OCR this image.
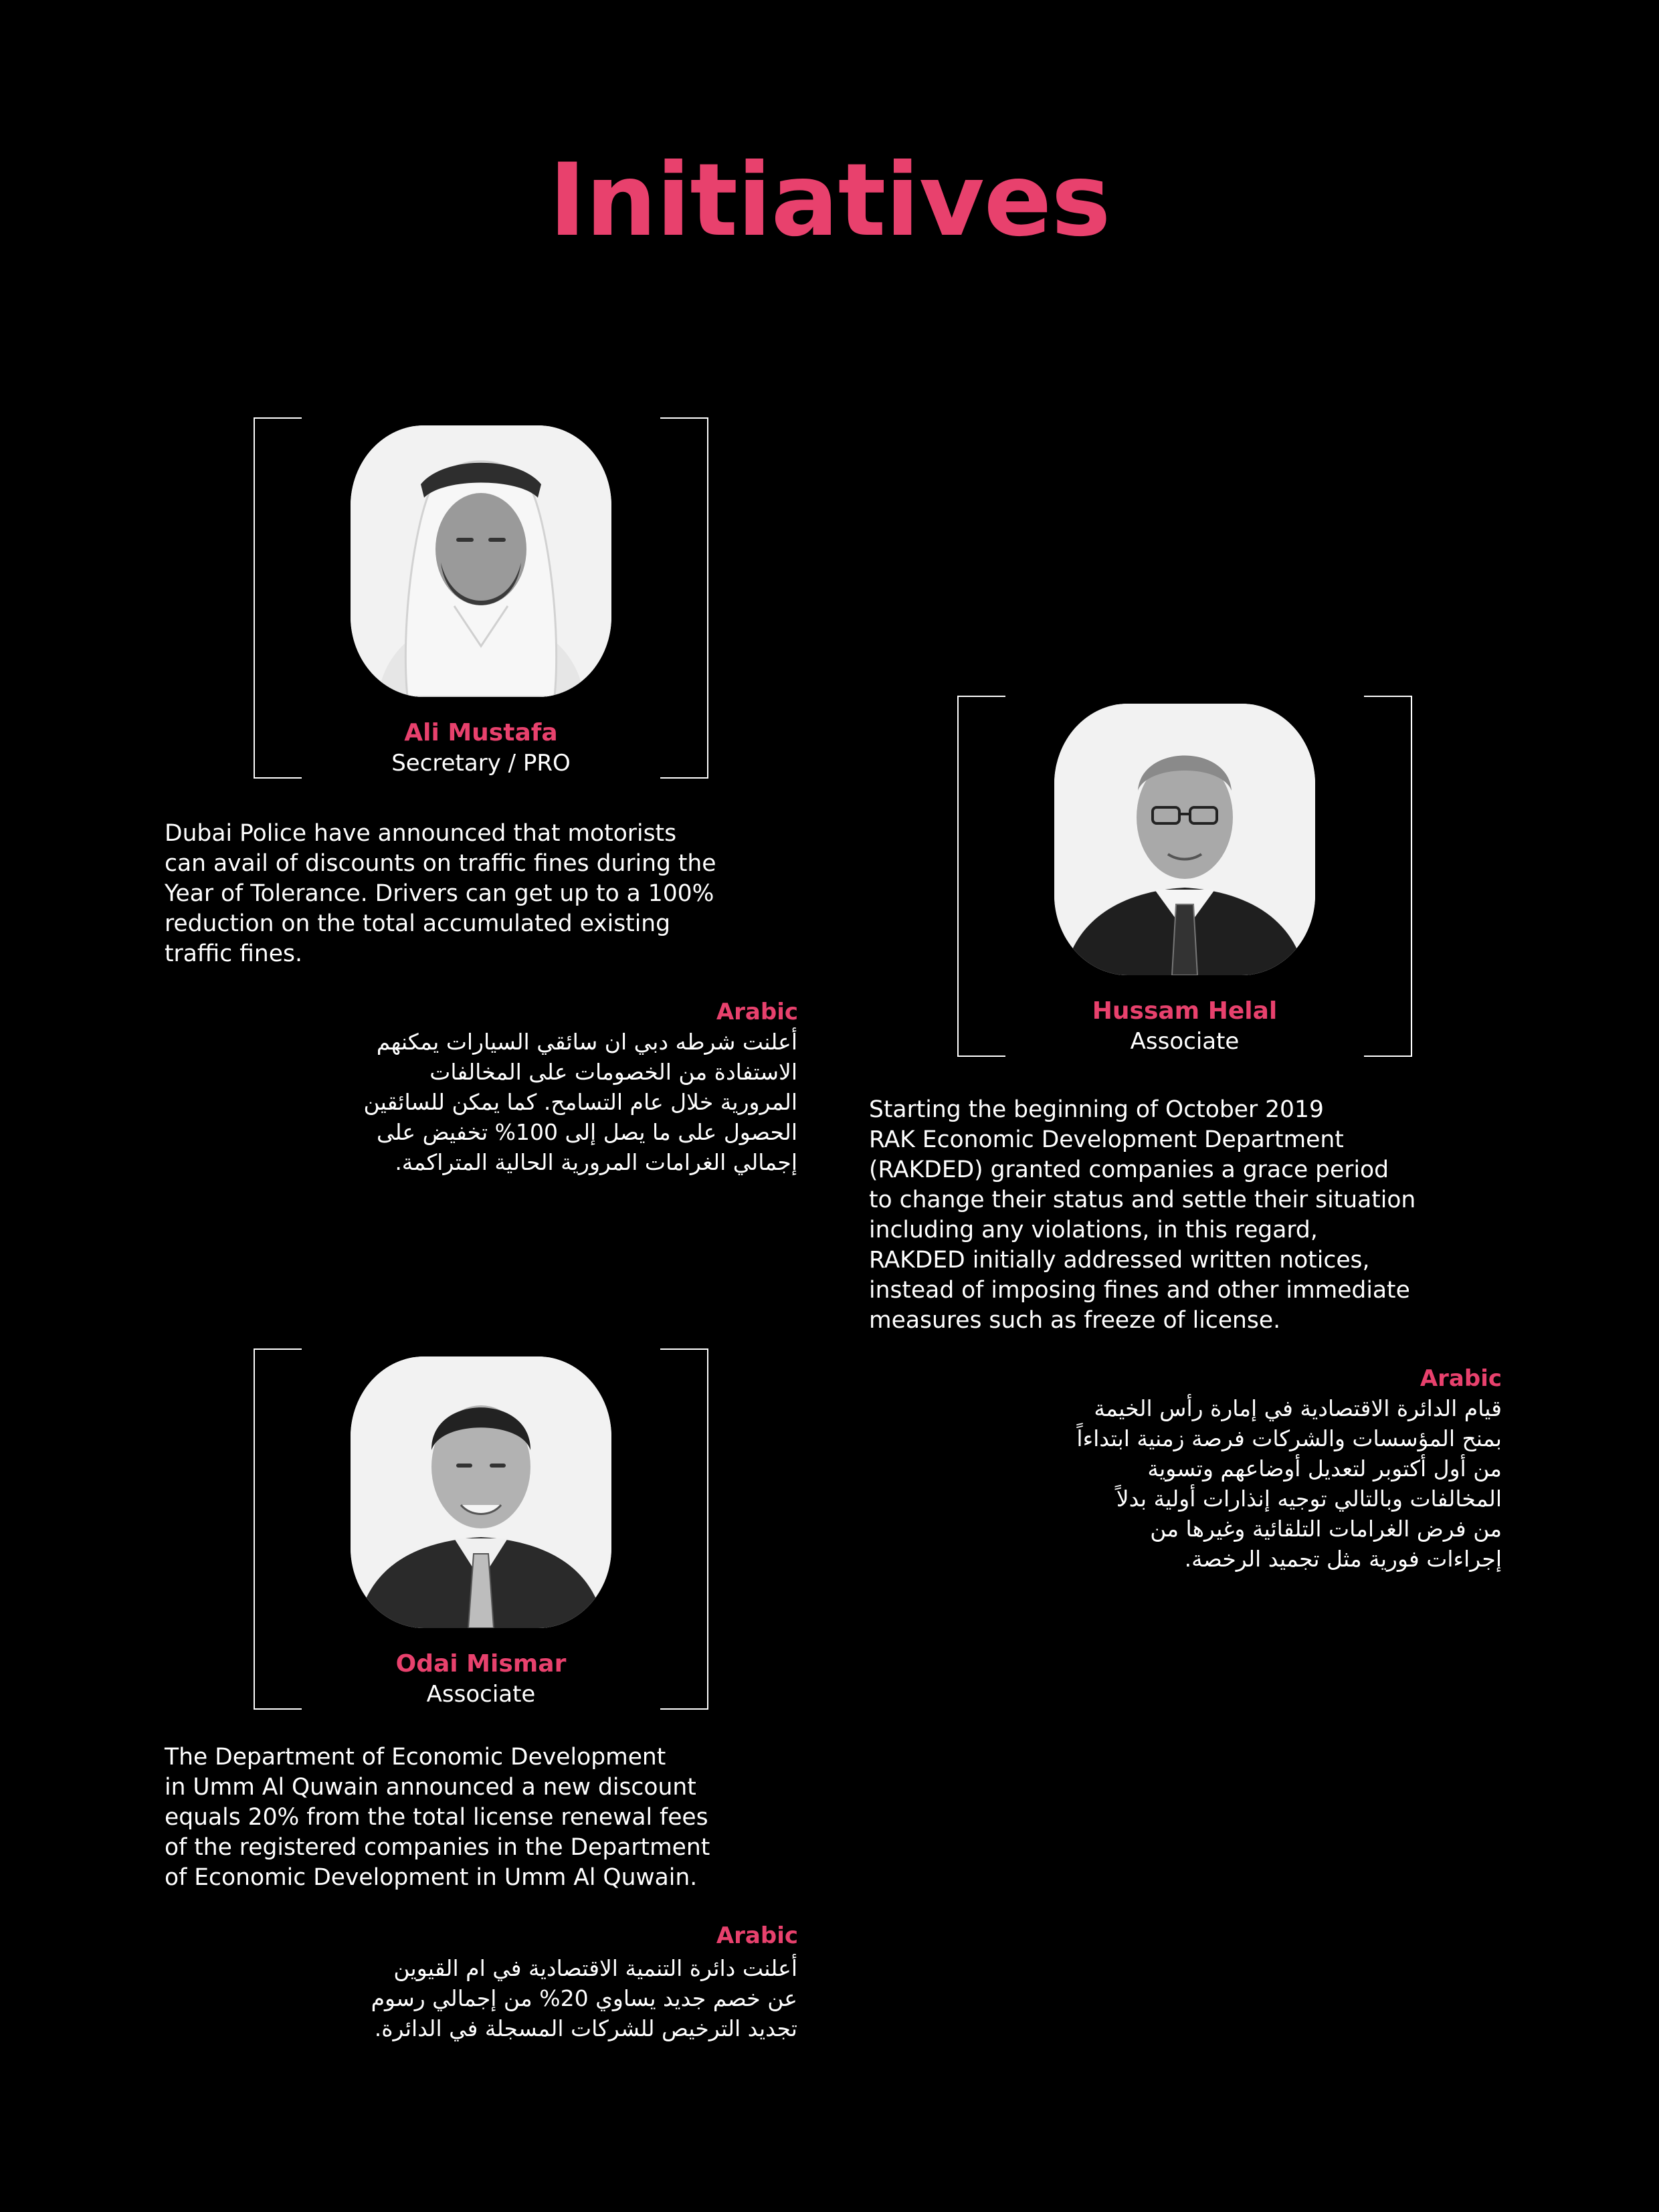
Initiatives
Ali Mustafa
Secretary / PRO

Dubai Police have announced that motorists
can avail of discounts on traffic fines during the
Year of Tolerance. Drivers can get up to a 100%
reduction on the total accumulated existing
traffic fines.

Arabic

أعلنت شرطه دبي ان سائقي السيارات يمكنهم
الاستفادة من الخصومات على المخالفات
المرورية خلال عام التسامح. كما يمكن للسائقين
الحصول على ما يصل إلى 100% تخفيض على
إجمالي الغرامات المرورية الحالية المتراكمة.

Hussam Helal
Associate

Starting the beginning of October 2019
RAK Economic Development Department
(RAKDED) granted companies a grace period
to change their status and settle their situation
including any violations, in this regard,
RAKDED initially addressed written notices,
instead of imposing fines and other immediate
measures such as freeze of license.

Arabic

قيام الدائرة الاقتصادية في إمارة رأس الخيمة
بمنح المؤسسات والشركات فرصة زمنية ابتداءاً
من أول أكتوبر لتعديل أوضاعهم وتسوية
المخالفات وبالتالي توجيه إنذارات أولية بدلاً
من فرض الغرامات التلقائية وغيرها من
إجراءات فورية مثل تجميد الرخصة.

Odai Mismar
Associate

The Department of Economic Development
in Umm Al Quwain announced a new discount
equals 20% from the total license renewal fees
of the registered companies in the Department
of Economic Development in Umm Al Quwain.

Arabic

أعلنت دائرة التنمية الاقتصادية في ام القيوين
عن خصم جديد يساوي 20% من إجمالي رسوم
تجديد الترخيص للشركات المسجلة في الدائرة.
